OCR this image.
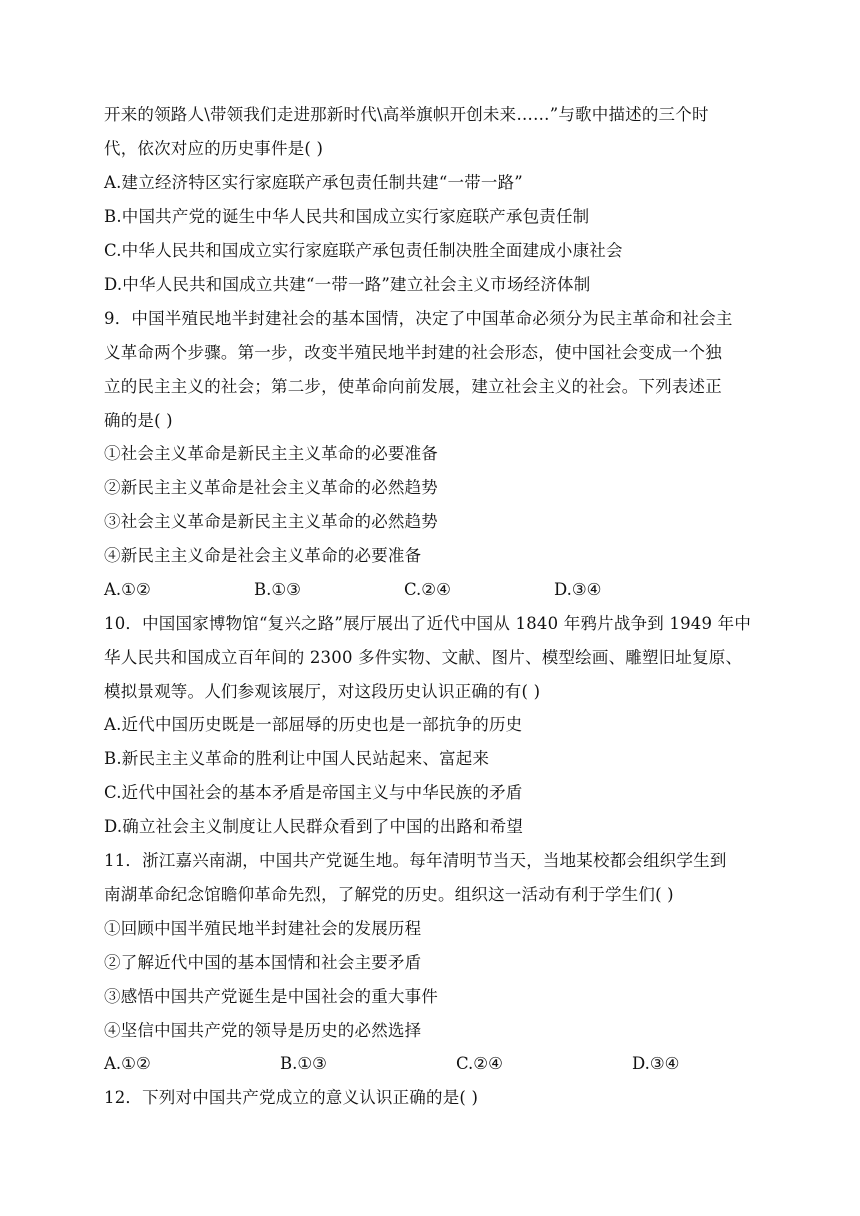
开来的领路人\带领我们走进那新时代\高举旗帜开创未来……”与歌中描述的三个时
代，依次对应的历史事件是( )
A.建立经济特区实行家庭联产承包责任制共建“一带一路”
B.中国共产党的诞生中华人民共和国成立实行家庭联产承包责任制
C.中华人民共和国成立实行家庭联产承包责任制决胜全面建成小康社会
D.中华人民共和国成立共建“一带一路”建立社会主义市场经济体制
9．中国半殖民地半封建社会的基本国情，决定了中国革命必须分为民主革命和社会主
义革命两个步骤。第一步，改变半殖民地半封建的社会形态，使中国社会变成一个独
立的民主主义的社会；第二步，使革命向前发展，建立社会主义的社会。下列表述正
确的是( )
①社会主义革命是新民主主义革命的必要准备
②新民主主义革命是社会主义革命的必然趋势
③社会主义革命是新民主主义革命的必然趋势
④新民主主义命是社会主义革命的必要准备
A.①②	B.①③	C.②④	D.③④
10．中国国家博物馆“复兴之路”展厅展出了近代中国从 1840 年鸦片战争到 1949 年中
华人民共和国成立百年间的 2300 多件实物、文献、图片、模型绘画、雕塑旧址复原、
模拟景观等。人们参观该展厅，对这段历史认识正确的有( )
A.近代中国历史既是一部屈辱的历史也是一部抗争的历史
B.新民主主义革命的胜利让中国人民站起来、富起来
C.近代中国社会的基本矛盾是帝国主义与中华民族的矛盾
D.确立社会主义制度让人民群众看到了中国的出路和希望
11．浙江嘉兴南湖，中国共产党诞生地。每年清明节当天，当地某校都会组织学生到
南湖革命纪念馆瞻仰革命先烈，了解党的历史。组织这一活动有利于学生们( )
①回顾中国半殖民地半封建社会的发展历程
②了解近代中国的基本国情和社会主要矛盾
③感悟中国共产党诞生是中国社会的重大事件
④坚信中国共产党的领导是历史的必然选择
A.①②	B.①③	C.②④	D.③④
12．下列对中国共产党成立的意义认识正确的是( )
